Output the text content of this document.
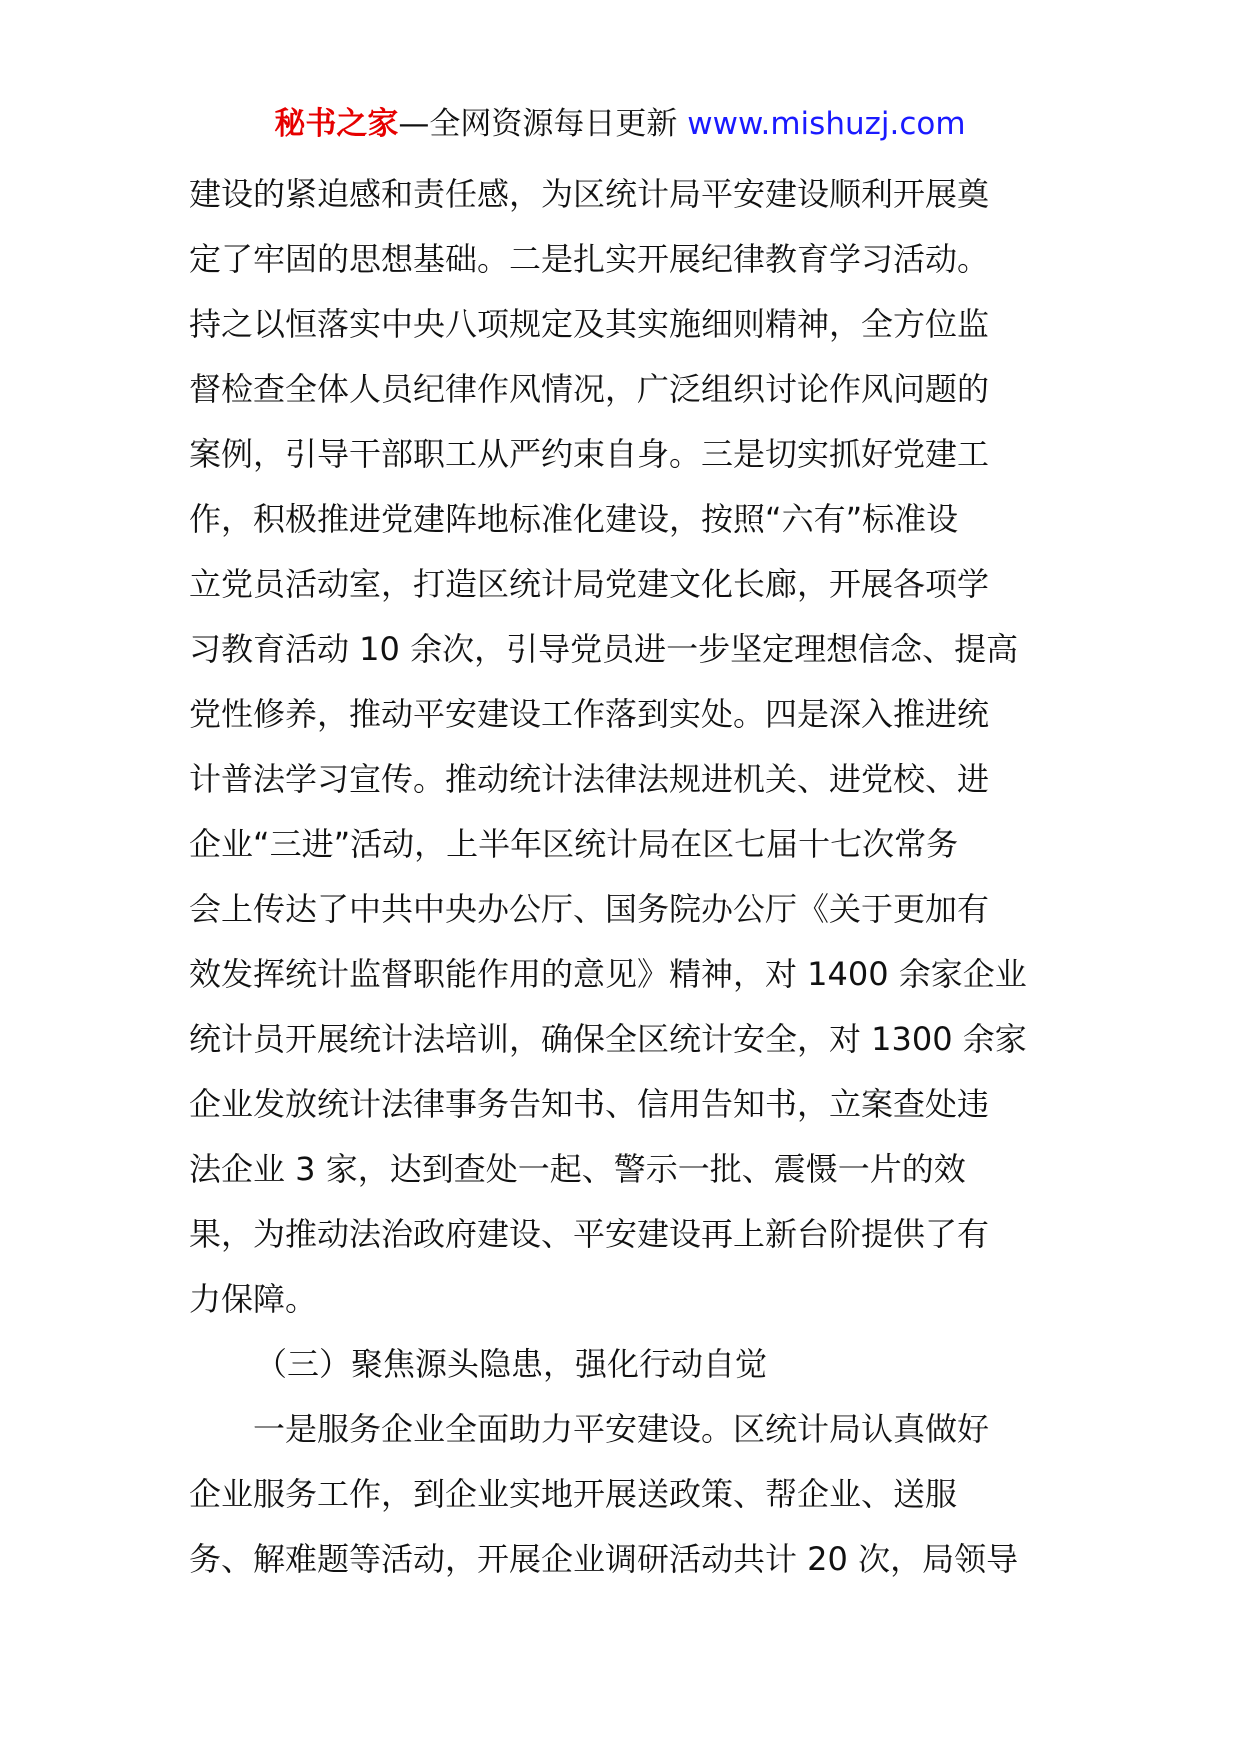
秘书之家—全网资源每日更新 www.mishuzj.com
建设的紧迫感和责任感，为区统计局平安建设顺利开展奠
定了牢固的思想基础。二是扎实开展纪律教育学习活动。
持之以恒落实中央八项规定及其实施细则精神，全方位监
督检查全体人员纪律作风情况，广泛组织讨论作风问题的
案例，引导干部职工从严约束自身。三是切实抓好党建工
作，积极推进党建阵地标准化建设，按照“六有”标准设
立党员活动室，打造区统计局党建文化长廊，开展各项学
习教育活动 10 余次，引导党员进一步坚定理想信念、提高
党性修养，推动平安建设工作落到实处。四是深入推进统
计普法学习宣传。推动统计法律法规进机关、进党校、进
企业“三进”活动，上半年区统计局在区七届十七次常务
会上传达了中共中央办公厅、国务院办公厅《关于更加有
效发挥统计监督职能作用的意见》精神，对 1400 余家企业
统计员开展统计法培训，确保全区统计安全，对 1300 余家
企业发放统计法律事务告知书、信用告知书，立案查处违
法企业 3 家，达到查处一起、警示一批、震慑一片的效
果，为推动法治政府建设、平安建设再上新台阶提供了有
力保障。
（三）聚焦源头隐患，强化行动自觉
一是服务企业全面助力平安建设。区统计局认真做好
企业服务工作，到企业实地开展送政策、帮企业、送服
务、解难题等活动，开展企业调研活动共计 20 次，局领导
